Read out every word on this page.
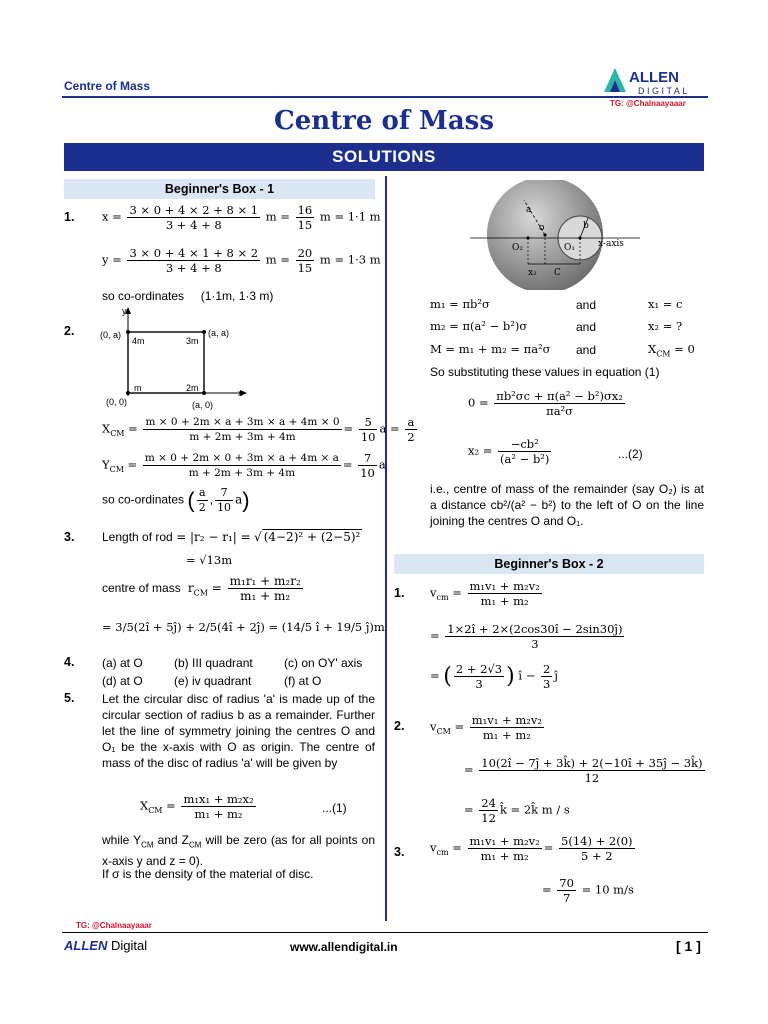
Centre of Mass	ALLEN
DIGITAL
TG: @Chalnaayaaar
Centre of Mass
SOLUTIONS
Beginner's Box - 1
1. $x = \frac{3 \times 0 + 4 \times 2 + 8 \times 1}{3 + 4 + 8}$ $m = \frac{16}{15}$ m = 1·1 m
$y = \frac{3 \times 0 + 4 \times 1 + 8 \times 2}{3 + 4 + 8}$ $m = \frac{20}{15}$ m = 1·3 m
so co-ordinates     (1·1m, 1·3 m)
2.
y
x
(0, a)	(a, a)
(0, 0)	(a, 0)
4m	3m
m	2m
$X_{CM} = \frac{m \times 0 + 2m \times a + 3m \times a + 4m \times 0}{m + 2m + 3m + 4m} = \frac{5}{10}$ $a = \frac{a}{2}$
$Y_{CM} = \frac{m \times 0 + 2m \times 0 + 3m \times a + 4m \times a}{m + 2m + 3m + 4m} = \frac{7}{10}$ a
so co-ordinates ( $\frac{a}{2}$ , $\frac{7}{10} a$)
3. Length of rod = |r₂ − r₁| = √ (4−2)² + (2−5)²
= √13m
centre of mass $r_{CM} = \frac{\text{m₁r₁ + m₂r₂}}{\text{m₁ + m₂}}$
= 3/5(2î + 5ĵ) + 2/5(4î + 2ĵ) = (14/5 î + 19/5 ĵ)m
4. (a) at O	(b) III quadrant	(c) on OY' axis
(d) at O	(e) iv quadrant	(f) at O
5. Let the circular disc of radius 'a' is made up of the circular section of radius b as a remainder. Further let the line of symmetry joining the centres O and O₁ be the x-axis with O as origin. The centre of mass of the disc of radius 'a' will be given by
$X_{CM} = \frac{\text{m₁x₁ + m₂x₂}}{\text{m₁ + m₂}}$	...(1)
while $Y_{CM}$ and $Z_{CM}$ will be zero (as for all points on x-axis y and z = 0).
If σ is the density of the material of disc.
a
o	b
O₂	O₁	x-axis
x₂ C
m₁ = πb²σ	and	x₁ = c
m₂ = π(a² − b²)σ	and	x₂ = ?
M = m₁ + m₂ = πa²σ and	$X_{CM} = 0$
So substituting these values in equation (1)
$0 = \frac{\text{πb²σc + π(a² − b²)σx₂}}{\text{πa²σ}}$
$x_2 = \frac{\text{−cb²}}{\text{(a² − b²)}}$	...(2)
i.e., centre of mass of the remainder (say O₂) is at a distance cb²/(a² − b²) to the left of O on the line joining the centres O and O₁.
Beginner's Box - 2
1. $v_{cm} = \frac{\text{m₁v₁ + m₂v₂}}{\text{m₁ + m₂}}$
= $\frac{1\times 2î + 2\times(2\cos 30î - 2\sin 30ĵ)}{3}$
= ( $\frac{2 + 2√3}{3}$ ) î − $\frac{2}{3}$ ĵ
2. $v_{CM} = \frac{\text{m₁v₁ + m₂v₂}}{\text{m₁ + m₂}}$
= $\frac{10(2î - 7ĵ + 3k̂) + 2(-10î + 35ĵ - 3k̂)}{12}$
= $\frac{24}{12}$ k̂ = 2k̂ m / s
3. $v_{cm} = \frac{\text{m₁v₁ + m₂v₂}}{\text{m₁ + m₂}} = \frac{5(14) + 2(0)}{5 + 2}$
= $\frac{70}{7} = 10$ m/s
TG: @Chalnaayaaar
ALLEN Digital	www.allendigital.in	[ 1 ]
